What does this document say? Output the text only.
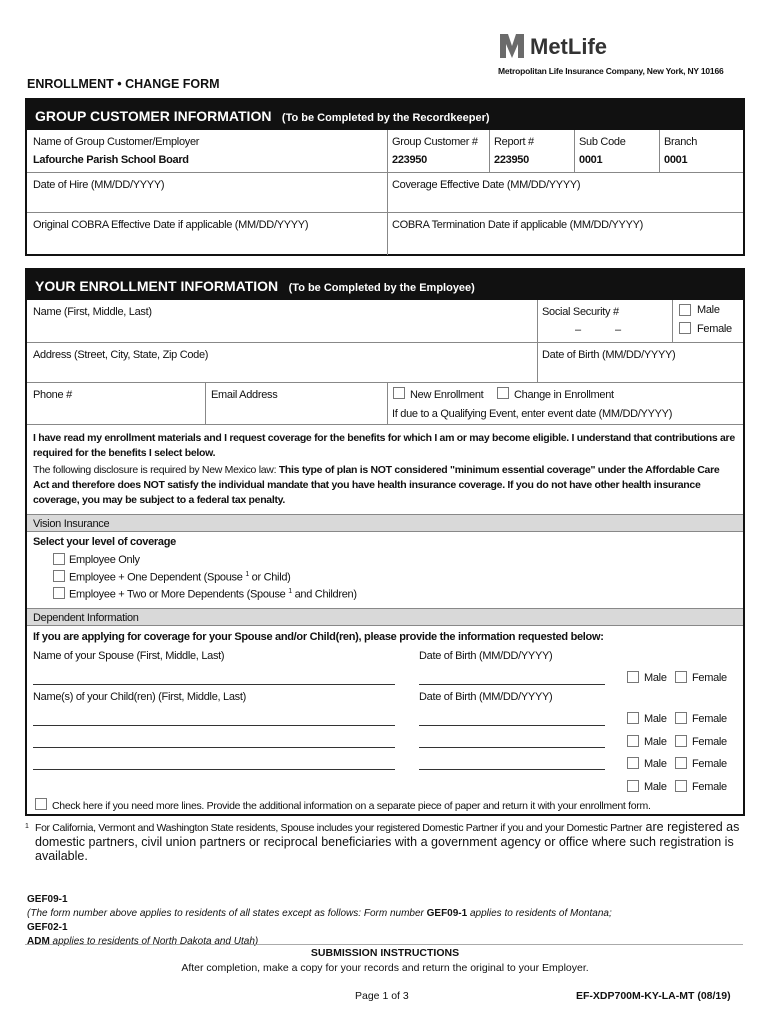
MetLife
Metropolitan Life Insurance Company, New York, NY 10166
ENROLLMENT • CHANGE FORM
GROUP CUSTOMER INFORMATION (To be Completed by the Recordkeeper)
Name of Group Customer/Employer
Lafourche Parish School Board
Group Customer #
223950
Report #
223950
Sub Code
0001
Branch
0001
Date of Hire (MM/DD/YYYY)	Coverage Effective Date (MM/DD/YYYY)
Original COBRA Effective Date if applicable (MM/DD/YYYY)	COBRA Termination Date if applicable (MM/DD/YYYY)
YOUR ENROLLMENT INFORMATION (To be Completed by the Employee)
Name (First, Middle, Last)	Social Security #
–	–
Male
Female
Address (Street, City, State, Zip Code)	Date of Birth (MM/DD/YYYY)
Phone #	Email Address	New Enrollment	Change in Enrollment
If due to a Qualifying Event, enter event date (MM/DD/YYYY)
I have read my enrollment materials and I request coverage for the benefits for which I am or may become eligible. I understand that contributions are required for the benefits I select below.
The following disclosure is required by New Mexico law: This type of plan is NOT considered "minimum essential coverage" under the Affordable Care Act and therefore does NOT satisfy the individual mandate that you have health insurance coverage. If you do not have other health insurance coverage, you may be subject to a federal tax penalty.
Vision Insurance
Select your level of coverage
Employee Only
Employee + One Dependent (Spouse $^1$ or Child)
Employee + Two or More Dependents (Spouse $^1$ and Children)
Dependent Information
If you are applying for coverage for your Spouse and/or Child(ren), please provide the information requested below:
Name of your Spouse (First, Middle, Last)	Date of Birth (MM/DD/YYYY)
Male Female
Name(s) of your Child(ren) (First, Middle, Last)	Date of Birth (MM/DD/YYYY)
Male Female
Male Female
Male Female
Male Female
Check here if you need more lines. Provide the additional information on a separate piece of paper and return it with your enrollment form.
1 For California, Vermont and Washington State residents, Spouse includes your registered Domestic Partner if you and your Domestic Partner are registered as domestic partners, civil union partners or reciprocal beneficiaries with a government agency or office where such registration is available.
GEF09-1
(The form number above applies to residents of all states except as follows: Form number GEF09-1 applies to residents of Montana;
GEF02-1
ADM applies to residents of North Dakota and Utah)
SUBMISSION INSTRUCTIONS
After completion, make a copy for your records and return the original to your Employer.
Page 1 of 3	EF-XDP700M-KY-LA-MT (08/19)
